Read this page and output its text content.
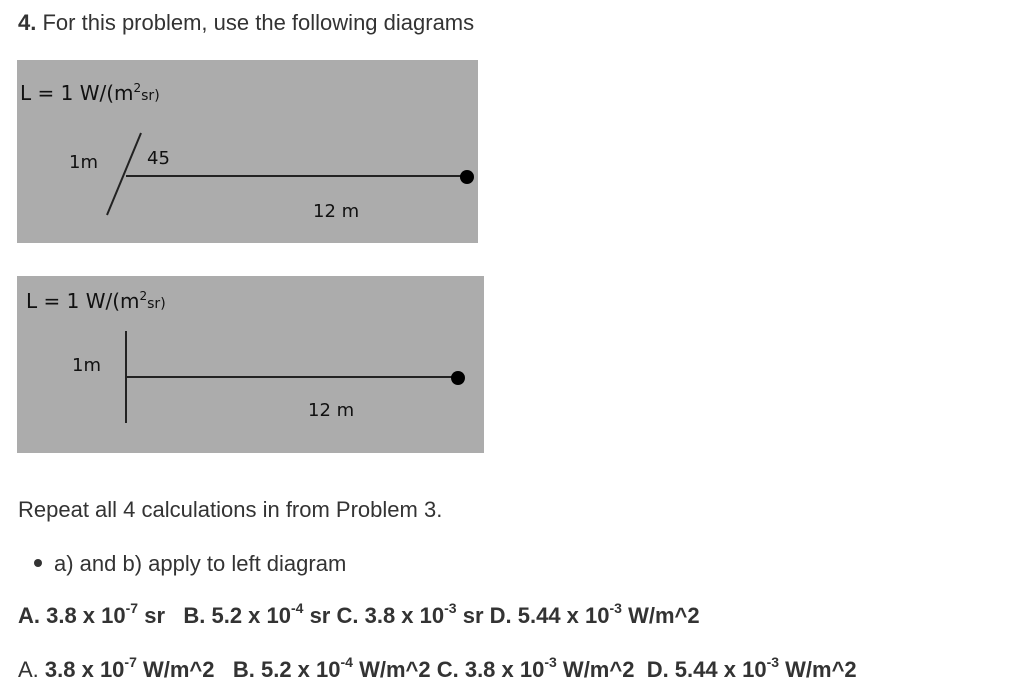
4. For this problem, use the following diagrams
L = 1 $W/(m^2_{sr)}$
1m	45
12 m
L = 1 $W/(m^2_{sr)}$
1m
12 m
Repeat all 4 calculations in from Problem 3.
a) and b) apply to left diagram
A. 3.8 x $10^{-7}$ sr B. 5.2 x $10^{-4}$ sr C. 3.8 x $10^{-3}$ sr D. 5.44 x $10^{-3}$ W/m^2
A. 3.8 x $10^{-7}$ W/m^2 B. 5.2 x $10^{-4}$ W/m^2 C. 3.8 x $10^{-3}$ W/m^2 D. 5.44 x $10^{-3}$ W/m^2
